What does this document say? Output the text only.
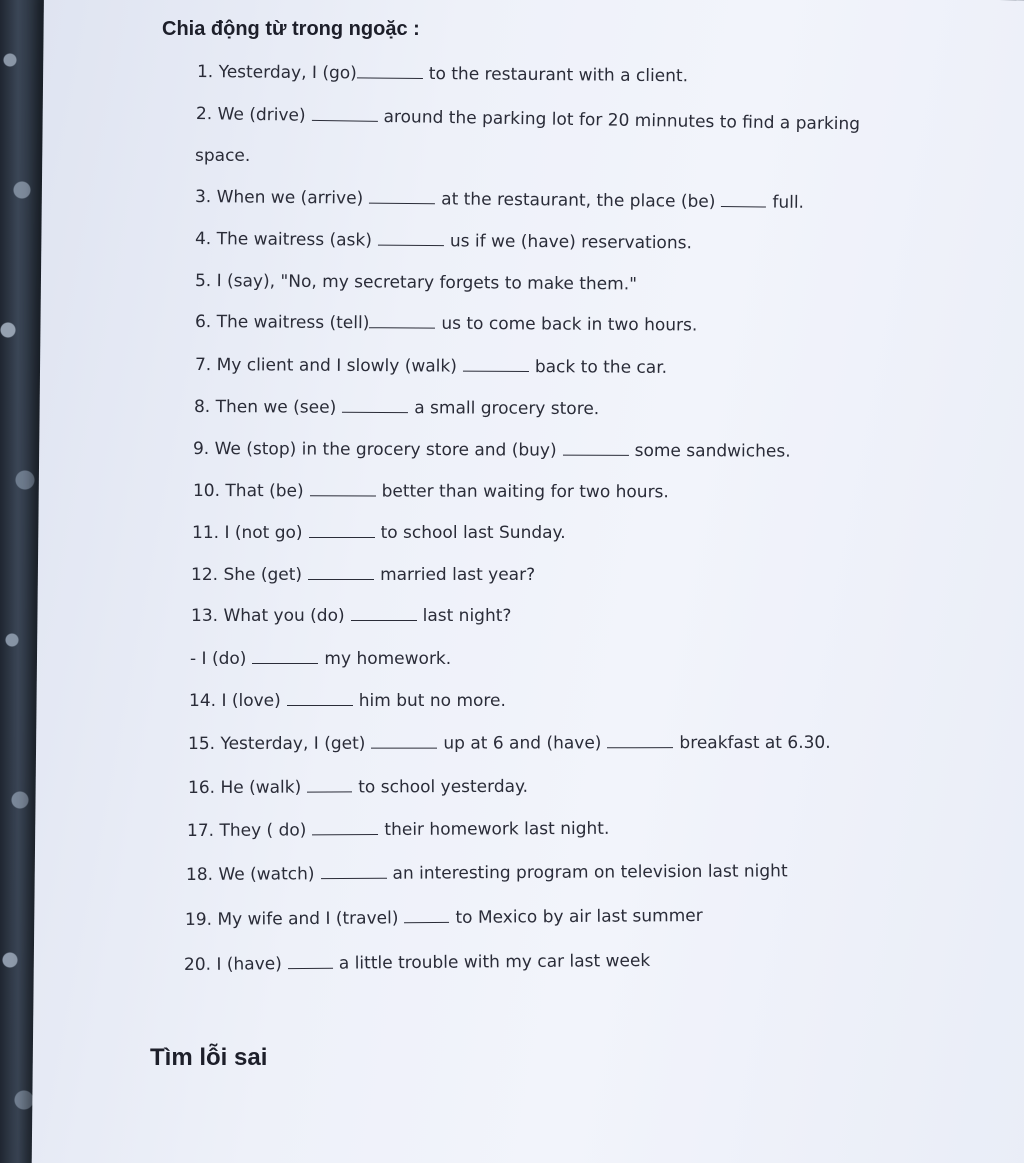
Chia động từ trong ngoặc :
1. Yesterday, I (go)	to the restaurant with a client.
2. We (drive)	around the parking lot for 20 minnutes to find a parking
space.
3. When we (arrive)	at the restaurant, the place (be)	full.
4. The waitress (ask)	us if we (have) reservations.
5. I (say), "No, my secretary forgets to make them."
6. The waitress (tell)	us to come back in two hours.
7. My client and I slowly (walk)	back to the car.
8. Then we (see)	a small grocery store.
9. We (stop) in the grocery store and (buy)	some sandwiches.
10. That (be)	better than waiting for two hours.
11. I (not go)	to school last Sunday.
12. She (get)	married last year?
13. What you (do)	last night?
- I (do)	my homework.
14. I (love)	him but no more.
15. Yesterday, I (get)	up at 6 and (have)	breakfast at 6.30.
16. He (walk)	to school yesterday.
17. They ( do)	their homework last night.
18. We (watch)	an interesting program on television last night
19. My wife and I (travel)	to Mexico by air last summer
20. I (have)	a little trouble with my car last week
Tìm lỗi sai
